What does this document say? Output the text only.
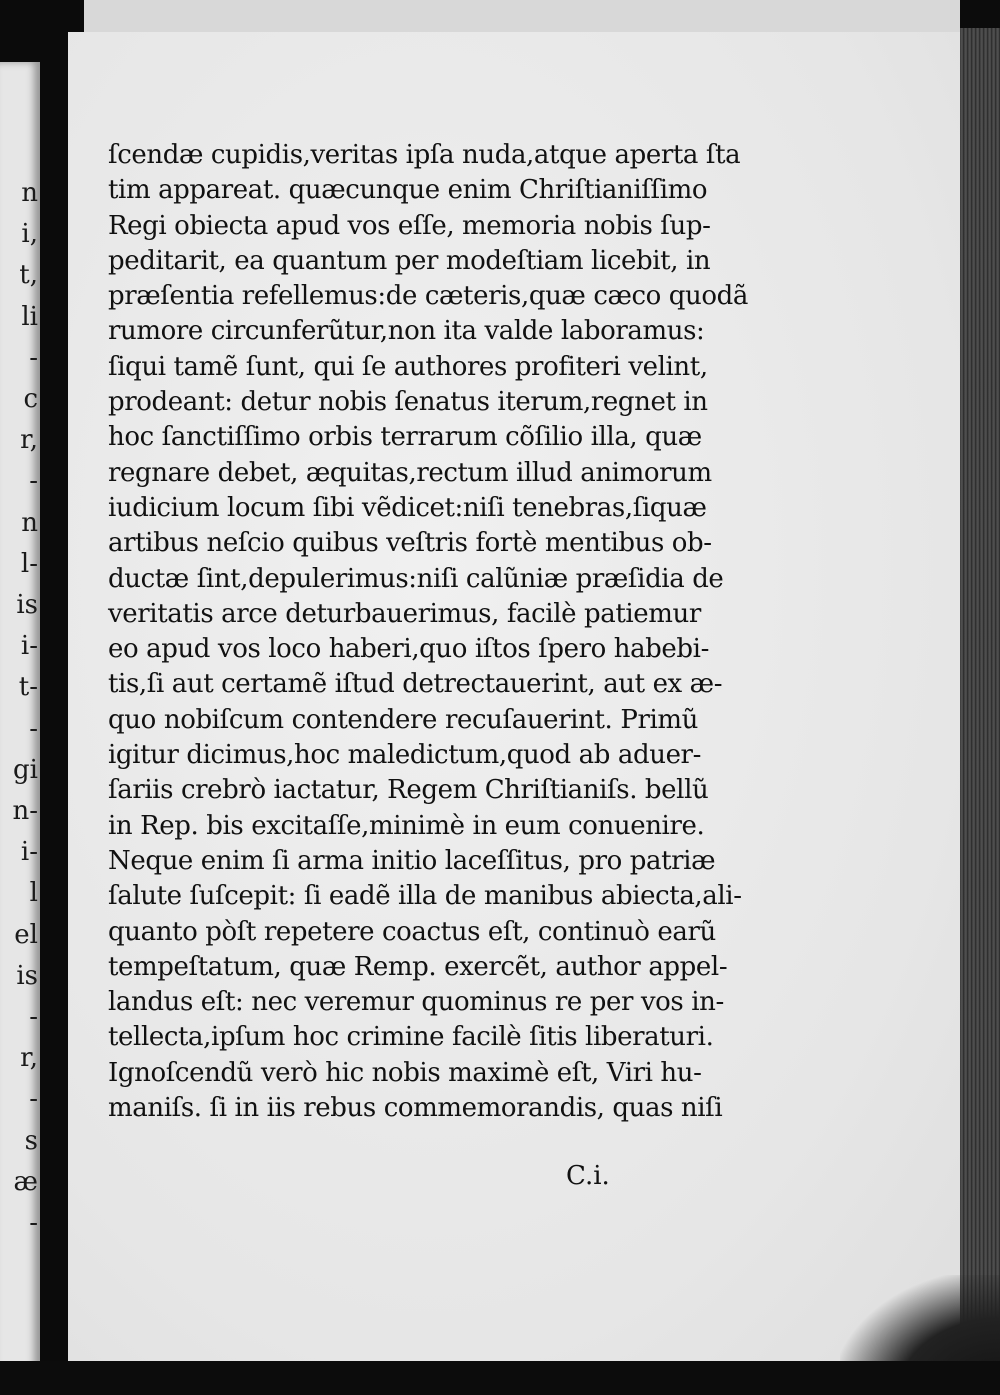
n
i,
t,
li
-
c
r,
-
n
l-
is
i-
t-
-
gi
n-
i-
l
el
is
-
r,
-
s
æ
-
ſcendæ cupidis,veritas ipſa nuda,atque aperta ſta
tim appareat. quæcunque enim Chriſtianiſſimo
Regi obiecta apud vos eſſe, memoria nobis ſup-
peditarit, ea quantum per modeſtiam licebit, in
præſentia refellemus:de cæteris,quæ cæco quodã
rumore circunferũtur,non ita valde laboramus:
ſiqui tamẽ ſunt, qui ſe authores profiteri velint,
prodeant: detur nobis ſenatus iterum,regnet in
hoc ſanctiſſimo orbis terrarum cõſilio illa, quæ
regnare debet, æquitas,rectum illud animorum
iudicium locum ſibi vẽdicet:niſi tenebras,ſiquæ
artibus neſcio quibus veſtris fortè mentibus ob-
ductæ ſint,depulerimus:niſi calũniæ præſidia de
veritatis arce deturbauerimus, facilè patiemur
eo apud vos loco haberi,quo iſtos ſpero habebi-
tis,ſi aut certamẽ iſtud detrectauerint, aut ex æ-
quo nobiſcum contendere recuſauerint. Primũ
igitur dicimus,hoc maledictum,quod ab aduer-
ſariis crebrò iactatur, Regem Chriſtianiſs. bellũ
in Rep. bis excitaſſe,minimè in eum conuenire.
Neque enim ſi arma initio laceſſitus, pro patriæ
ſalute ſuſcepit: ſi eadẽ illa de manibus abiecta,ali-
quanto pòſt repetere coactus eſt, continuò earũ
tempeſtatum, quæ Remp. exercẽt, author appel-
landus eſt: nec veremur quominus re per vos in-
tellecta,ipſum hoc crimine facilè ſitis liberaturi.
Ignoſcendũ verò hic nobis maximè eſt, Viri hu-
maniſs. ſi in iis rebus commemorandis, quas niſi
C.i.
